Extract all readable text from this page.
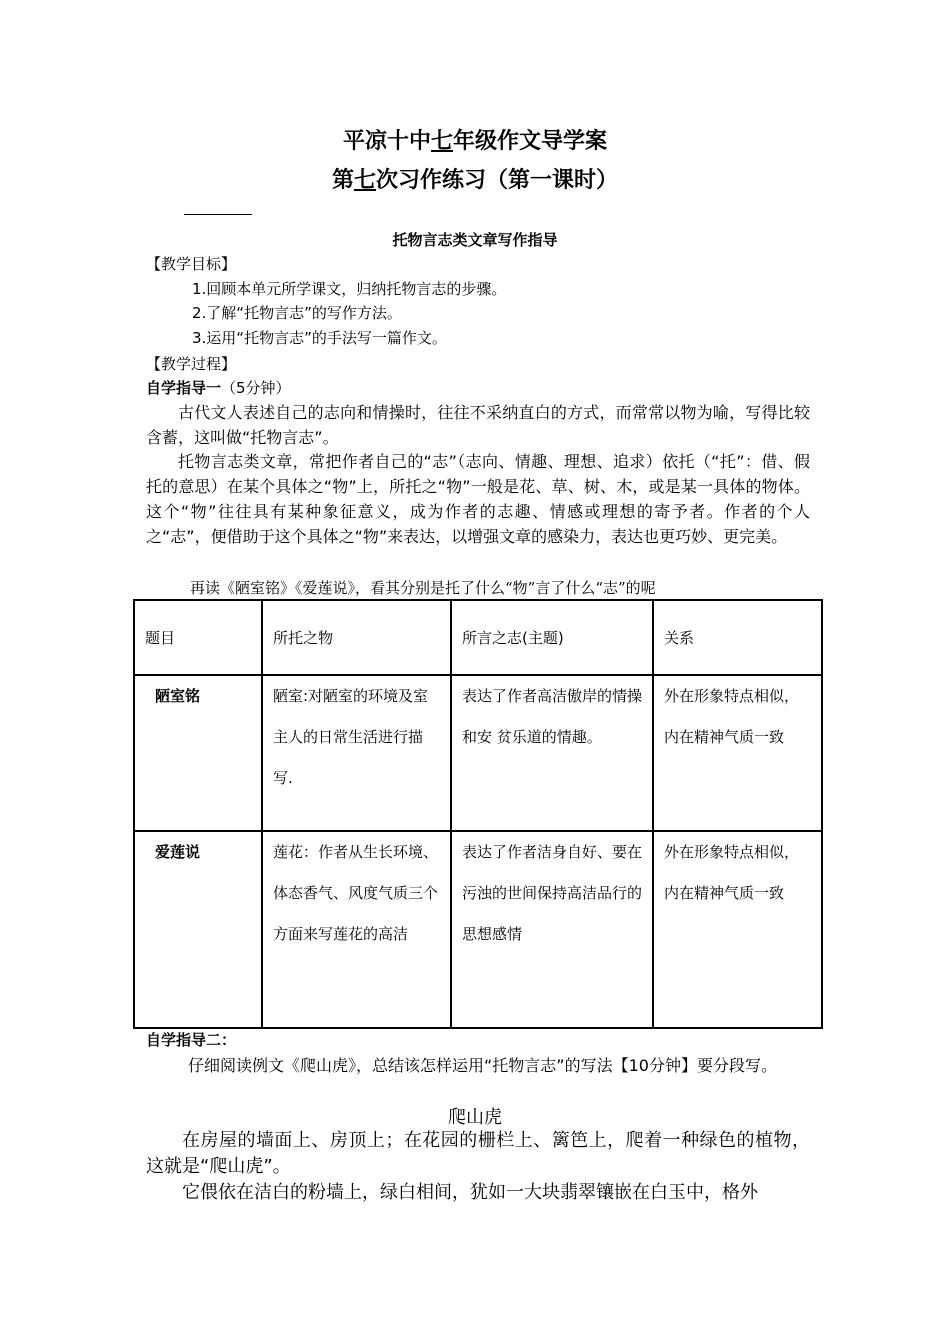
平凉十中七年级作文导学案
第七次习作练习（第一课时）
托物言志类文章写作指导
【教学目标】
1.回顾本单元所学课文，归纳托物言志的步骤。
2.了解“托物言志”的写作方法。
3.运用“托物言志”的手法写一篇作文。
【教学过程】
自学指导一（5分钟）
古代文人表述自己的志向和情操时，往往不采纳直白的方式，而常常以物为喻，写得比较含蓄，这叫做“托物言志”。
托物言志类文章，常把作者自己的“志”（志向、情趣、理想、追求）依托（“托”：借、假托的意思）在某个具体之“物”上，所托之“物”一般是花、草、树、木，或是某一具体的物体。这个“物”往往具有某种象征意义，成为作者的志趣、情感或理想的寄予者。作者的个人之“志”，便借助于这个具体之“物”来表达，以增强文章的感染力，表达也更巧妙、更完美。
再读《陋室铭》《爱莲说》，看其分别是托了什么“物”言了什么“志”的呢
题目	所托之物	所言之志(主题)	关系
陋室铭	陋室:对陋室的环境及室主人的日常生活进行描写.	表达了作者高洁傲岸的情操和安 贫乐道的情趣。	外在形象特点相似，内在精神气质一致
爱莲说	莲花：作者从生长环境、体态香气、风度气质三个方面来写莲花的高洁	表达了作者洁身自好、要在污浊的世间保持高洁品行的思想感情	外在形象特点相似，内在精神气质一致
自学指导二：
仔细阅读例文《爬山虎》，总结该怎样运用“托物言志”的写法【10分钟】要分段写。
爬山虎
在房屋的墙面上、房顶上；在花园的栅栏上、篱笆上，爬着一种绿色的植物，这就是“爬山虎”。
它偎依在洁白的粉墙上，绿白相间，犹如一大块翡翠镶嵌在白玉中，格外
